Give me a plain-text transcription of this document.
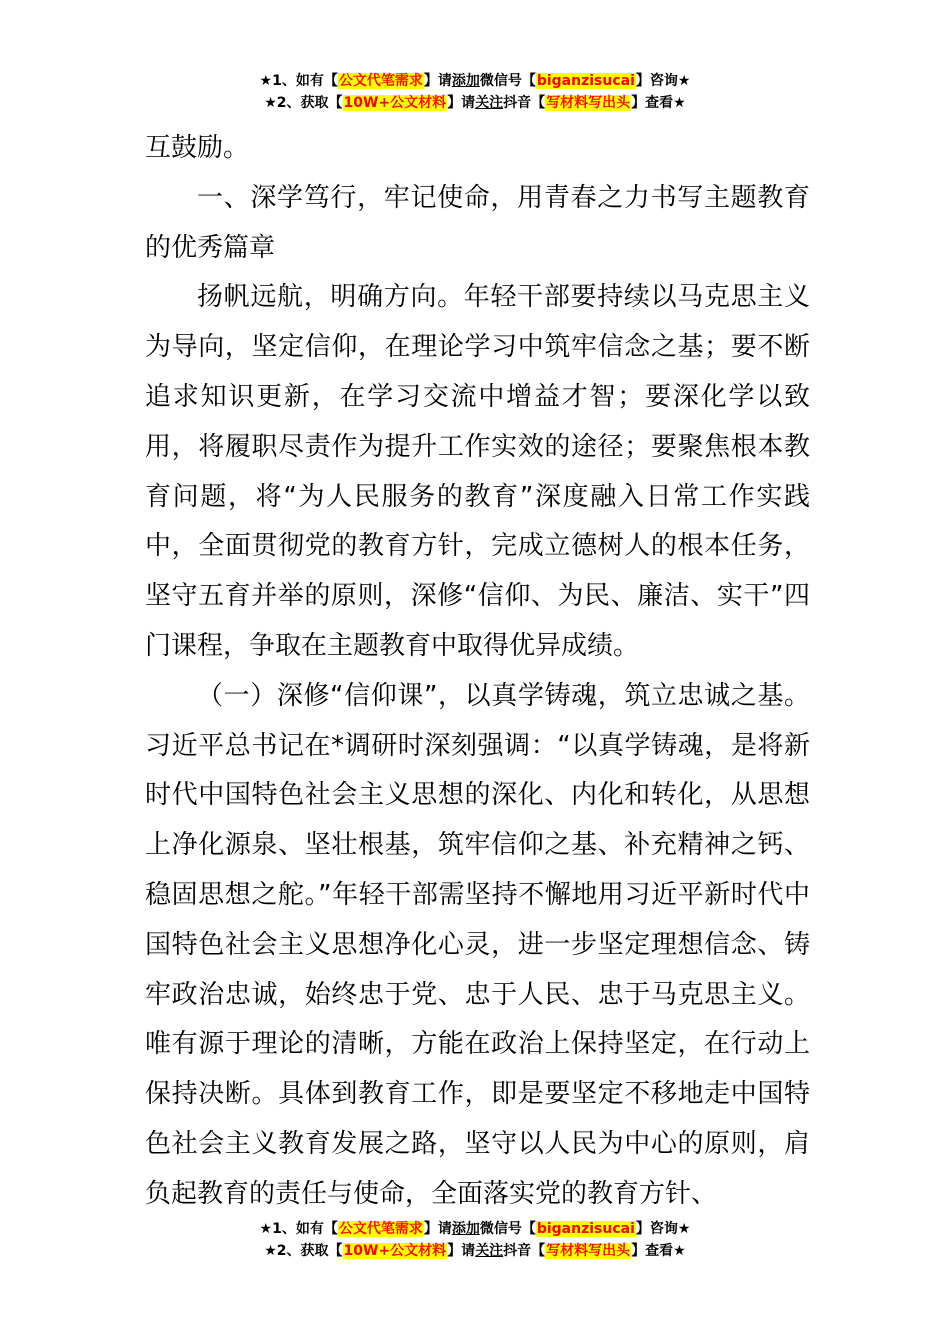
★1、如有【公文代笔需求】请添加微信号【biganzisucai】咨询★
★2、获取【10W+公文材料】请关注抖音【写材料写出头】查看★

互鼓励。

一、深学笃行，牢记使命，用青春之力书写主题教育的优秀篇章

扬帆远航，明确方向。年轻干部要持续以马克思主义为导向，坚定信仰，在理论学习中筑牢信念之基；要不断追求知识更新，在学习交流中增益才智；要深化学以致用，将履职尽责作为提升工作实效的途径；要聚焦根本教育问题，将“为人民服务的教育”深度融入日常工作实践中，全面贯彻党的教育方针，完成立德树人的根本任务，坚守五育并举的原则，深修“信仰、为民、廉洁、实干”四门课程，争取在主题教育中取得优异成绩。

（一）深修“信仰课”，以真学铸魂，筑立忠诚之基。习近平总书记在*调研时深刻强调：“以真学铸魂，是将新时代中国特色社会主义思想的深化、内化和转化，从思想上净化源泉、坚壮根基，筑牢信仰之基、补充精神之钙、稳固思想之舵。”年轻干部需坚持不懈地用习近平新时代中国特色社会主义思想净化心灵，进一步坚定理想信念、铸牢政治忠诚，始终忠于党、忠于人民、忠于马克思主义。唯有源于理论的清晰，方能在政治上保持坚定，在行动上保持决断。具体到教育工作，即是要坚定不移地走中国特色社会主义教育发展之路，坚守以人民为中心的原则，肩负起教育的责任与使命，全面落实党的教育方针、

★1、如有【公文代笔需求】请添加微信号【biganzisucai】咨询★
★2、获取【10W+公文材料】请关注抖音【写材料写出头】查看★
